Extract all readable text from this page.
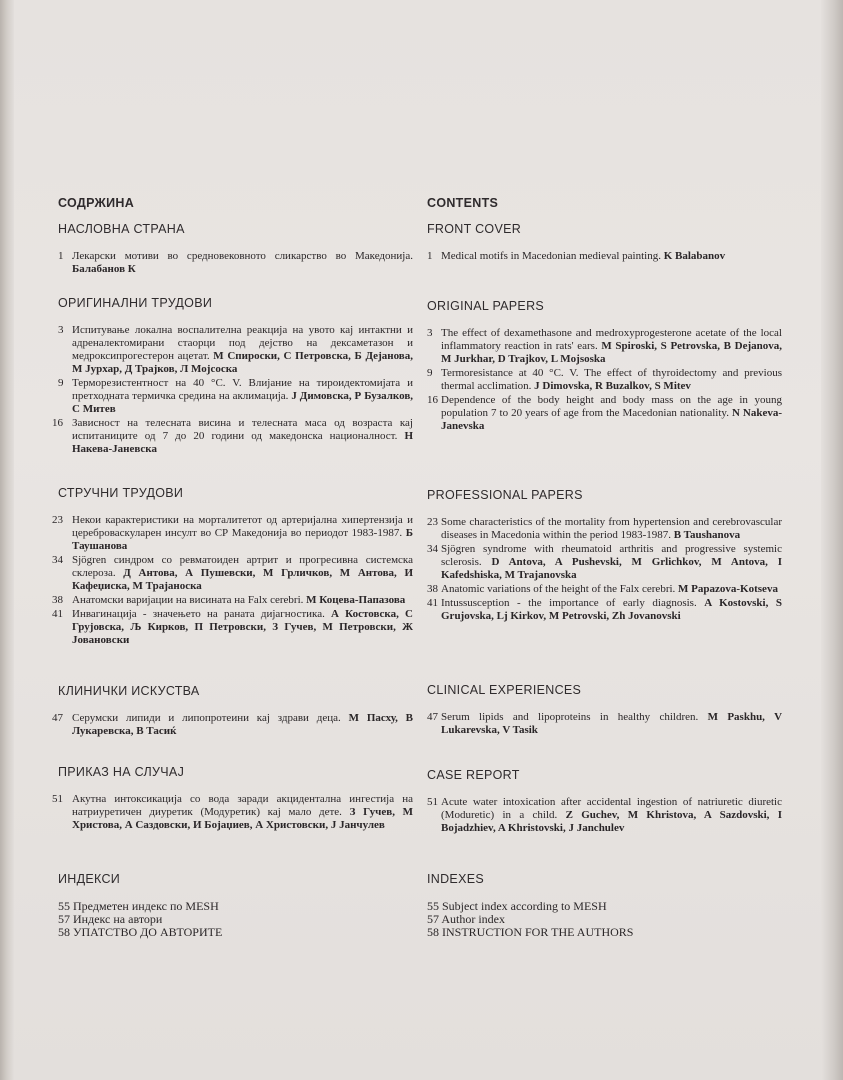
СОДРЖИНА
НАСЛОВНА СТРАНА
1 Лекарски мотиви во средновековното сликарство во Македонија. Балабанов К
ОРИГИНАЛНИ ТРУДОВИ
3 Испитување локална воспалителна реакција на увото кај интактни и адреналектомирани стаорци под дејство на дексаметазон и медроксипрогестерон ацетат. М Спироски, С Петровска, Б Дејанова, М Јурхар, Д Трајков, Л Мојсоска
9 Терморезистентност на 40 °C. V. Влијание на тироидектомијата и претходната термичка средина на аклимација. Ј Димовска, Р Бузалков, С Митев
16 Зависност на телесната висина и телесната маса од возраста кај испитаниците од 7 до 20 години од македонска националност. Н Накева-Јаневска
СТРУЧНИ ТРУДОВИ
23 Некои карактеристики на морталитетот од артеријална хипертензија и цереброваскуларен инсулт во СР Македонија во периодот 1983-1987. Б Таушанова
34 Sjögren синдром со ревматоиден артрит и прогресивна системска склероза. Д Антова, А Пушевски, М Грличков, М Антова, И Кафеџиска, М Трајаноска
38 Анатомски варијации на висината на Falx cerebri. М Коцева-Папазова
41 Инвагинација - значењето на раната дијагностика. А Костовска, С Грујовска, Љ Кирков, П Петровски, З Гучев, М Петровски, Ж Јовановски
КЛИНИЧКИ ИСКУСТВА
47 Серумски липиди и липопротеини кај здрави деца. М Пасху, В Лукаревска, В Тасиќ
ПРИКАЗ НА СЛУЧАЈ
51 Акутна интоксикација со вода заради акцидентална ингестија на натриуретичен диуретик (Модуретик) кај мало дете. З Гучев, М Христова, А Саздовски, И Бојаџиев, А Христовски, Ј Јанчулев
ИНДЕКСИ
55 Предметен индекс по MESH
57 Индекс на автори
58 УПАТСТВО ДО АВТОРИТЕ
CONTENTS
FRONT COVER
1 Medical motifs in Macedonian medieval painting. K Balabanov
ORIGINAL PAPERS
3 The effect of dexamethasone and medroxyprogesterone acetate of the local inflammatory reaction in rats' ears. M Spiroski, S Petrovska, B Dejanova, M Jurkhar, D Trajkov, L Mojsoska
9 Termoresistance at 40 °C. V. The effect of thyroidectomy and previous thermal acclimation. J Dimovska, R Buzalkov, S Mitev
16 Dependence of the body height and body mass on the age in young population 7 to 20 years of age from the Macedonian nationality. N Nakeva-Janevska
PROFESSIONAL PAPERS
23 Some characteristics of the mortality from hypertension and cerebrovascular diseases in Macedonia within the period 1983-1987. B Taushanova
34 Sjögren syndrome with rheumatoid arthritis and progressive systemic sclerosis. D Antova, A Pushevski, M Grlichkov, M Antova, I Kafedshiska, M Trajanovska
38 Anatomic variations of the height of the Falx cerebri. M Papazova-Kotseva
41 Intussusception - the importance of early diagnosis. A Kostovski, S Grujovska, Lj Kirkov, M Petrovski, Zh Jovanovski
CLINICAL EXPERIENCES
47 Serum lipids and lipoproteins in healthy children. M Paskhu, V Lukarevska, V Tasik
CASE REPORT
51 Acute water intoxication after accidental ingestion of natriuretic diuretic (Moduretic) in a child. Z Guchev, M Khristova, A Sazdovski, I Bojadzhiev, A Khristovski, J Janchulev
INDEXES
55 Subject index according to MESH
57 Author index
58 INSTRUCTION FOR THE AUTHORS
